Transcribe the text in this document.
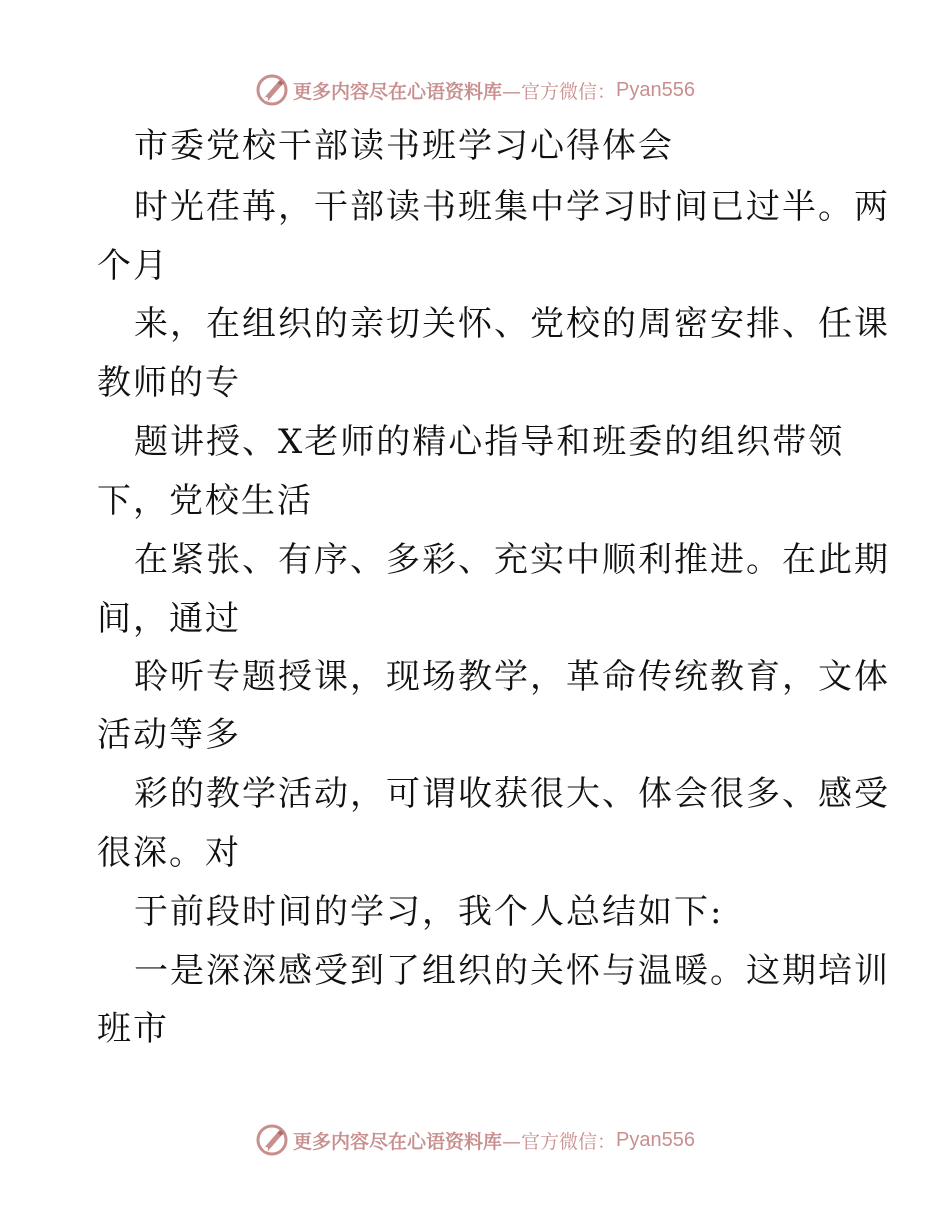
更多内容尽在心语资料库 —官方微信： Pyan556
市委党校干部读书班学习心得体会
时光荏苒，干部读书班集中学习时间已过半。两
个月
来，在组织的亲切关怀、党校的周密安排、任课
教师的专
题讲授、X老师的精心指导和班委的组织带领
下，党校生活
在紧张、有序、多彩、充实中顺利推进。在此期
间，通过
聆听专题授课，现场教学，革命传统教育，文体
活动等多
彩的教学活动，可谓收获很大、体会很多、感受
很深。对
于前段时间的学习，我个人总结如下:
一是深深感受到了组织的关怀与温暖。这期培训
班市
更多内容尽在心语资料库 —官方微信： Pyan556
